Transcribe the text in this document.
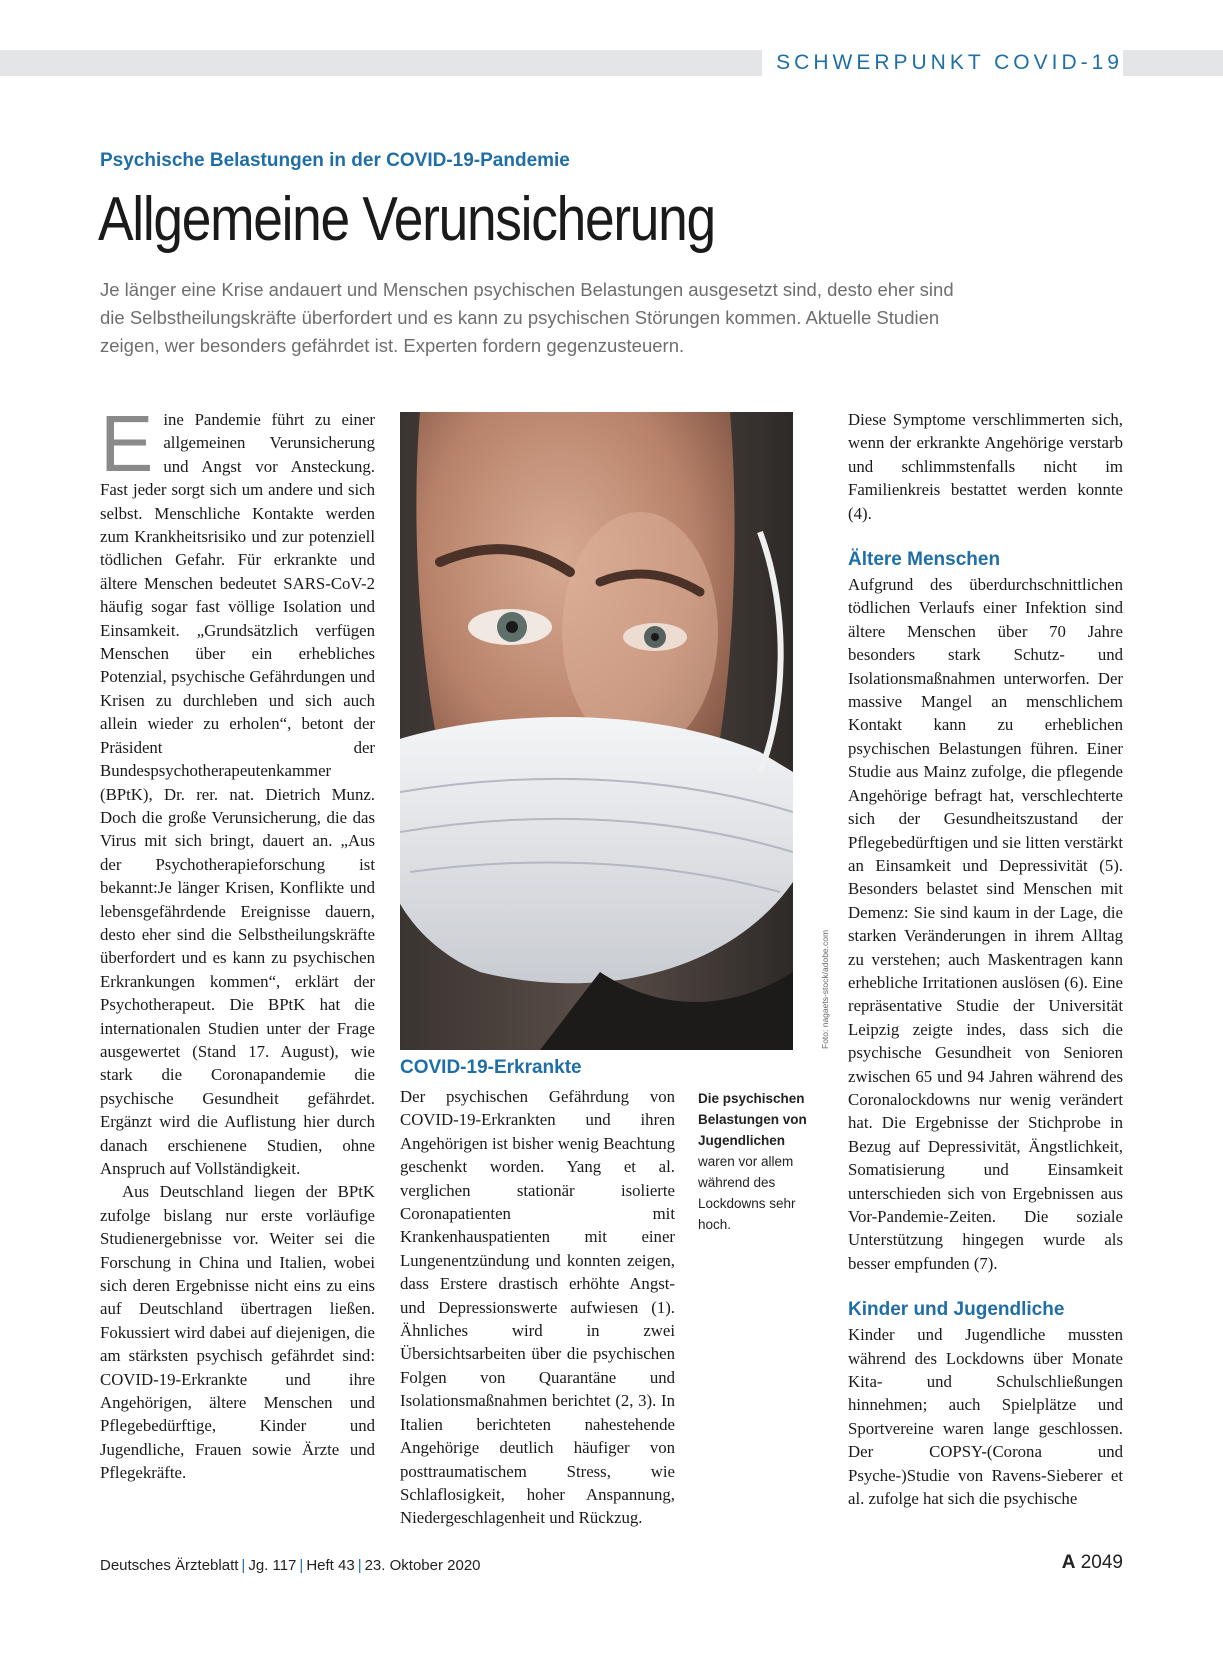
SCHWERPUNKT COVID-19
Psychische Belastungen in der COVID-19-Pandemie
Allgemeine Verunsicherung
Je länger eine Krise andauert und Menschen psychischen Belastungen ausgesetzt sind, desto eher sind die Selbstheilungskräfte überfordert und es kann zu psychischen Störungen kommen. Aktuelle Studien zeigen, wer besonders gefährdet ist. Experten fordern gegenzusteuern.
E ine Pandemie führt zu einer allgemeinen Verunsicherung und Angst vor Ansteckung. Fast jeder sorgt sich um andere und sich selbst. Menschliche Kontakte werden zum Krankheitsrisiko und zur potenziell tödlichen Gefahr. Für erkrankte und ältere Menschen bedeutet SARS-CoV-2 häufig sogar fast völlige Isolation und Einsamkeit. „Grundsätzlich verfügen Menschen über ein erhebliches Potenzial, psychische Gefährdungen und Krisen zu durchleben und sich auch allein wieder zu erholen“, betont der Präsident der Bundespsychotherapeutenkammer (BPtK), Dr. rer. nat. Dietrich Munz. Doch die große Verunsicherung, die das Virus mit sich bringt, dauert an. „Aus der Psychotherapieforschung ist bekannt:Je länger Krisen, Konflikte und lebensgefährdende Ereignisse dauern, desto eher sind die Selbstheilungskräfte überfordert und es kann zu psychischen Erkrankungen kommen“, erklärt der Psychotherapeut. Die BPtK hat die internationalen Studien unter der Frage ausgewertet (Stand 17. August), wie stark die Coronapandemie die psychische Gesundheit gefährdet. Ergänzt wird die Auflistung hier durch danach erschienene Studien, ohne Anspruch auf Vollständigkeit.

Aus Deutschland liegen der BPtK zufolge bislang nur erste vorläufige Studienergebnisse vor. Weiter sei die Forschung in China und Italien, wobei sich deren Ergebnisse nicht eins zu eins auf Deutschland übertragen ließen. Fokussiert wird dabei auf diejenigen, die am stärksten psychisch gefährdet sind: COVID-19-Erkrankte und ihre Angehörigen, ältere Menschen und Pflegebedürftige, Kinder und Jugendliche, Frauen sowie Ärzte und Pflegekräfte.

Foto: nagaets-stock/adobe.com
Die psychischen Belastungen von Jugendlichen waren vor allem während des Lockdowns sehr hoch.
COVID-19-Erkrankte

Der psychischen Gefährdung von COVID-19-Erkrankten und ihren Angehörigen ist bisher wenig Beachtung geschenkt worden. Yang et al. verglichen stationär isolierte Coronapatienten mit Krankenhauspatienten mit einer Lungenentzündung und konnten zeigen, dass Erstere drastisch erhöhte Angst- und Depressionswerte aufwiesen (1). Ähnliches wird in zwei Übersichtsarbeiten über die psychischen Folgen von Quarantäne und Isolationsmaßnahmen berichtet (2, 3). In Italien berichteten nahestehende Angehörige deutlich häufiger von posttraumatischem Stress, wie Schlaflosigkeit, hoher Anspannung, Niedergeschlagenheit und Rückzug.

Diese Symptome verschlimmerten sich, wenn der erkrankte Angehörige verstarb und schlimmstenfalls nicht im Familienkreis bestattet werden konnte (4).

Ältere Menschen

Aufgrund des überdurchschnittlichen tödlichen Verlaufs einer Infektion sind ältere Menschen über 70 Jahre besonders stark Schutz- und Isolationsmaßnahmen unterworfen. Der massive Mangel an menschlichem Kontakt kann zu erheblichen psychischen Belastungen führen. Einer Studie aus Mainz zufolge, die pflegende Angehörige befragt hat, verschlechterte sich der Gesundheitszustand der Pflegebedürftigen und sie litten verstärkt an Einsamkeit und Depressivität (5). Besonders belastet sind Menschen mit Demenz: Sie sind kaum in der Lage, die starken Veränderungen in ihrem Alltag zu verstehen; auch Maskentragen kann erhebliche Irritationen auslösen (6). Eine repräsentative Studie der Universität Leipzig zeigte indes, dass sich die psychische Gesundheit von Senioren zwischen 65 und 94 Jahren während des Coronalockdowns nur wenig verändert hat. Die Ergebnisse der Stichprobe in Bezug auf Depressivität, Ängstlichkeit, Somatisierung und Einsamkeit unterschieden sich von Ergebnissen aus Vor-Pandemie-Zeiten. Die soziale Unterstützung hingegen wurde als besser empfunden (7).

Kinder und Jugendliche

Kinder und Jugendliche mussten während des Lockdowns über Monate Kita- und Schulschließungen hinnehmen; auch Spielplätze und Sportvereine waren lange geschlossen. Der COPSY-(Corona und Psyche-)Studie von Ravens-Sieberer et al. zufolge hat sich die psychische

Deutsches Ärzteblatt | Jg. 117 | Heft 43 | 23. Oktober 2020	A 2049
